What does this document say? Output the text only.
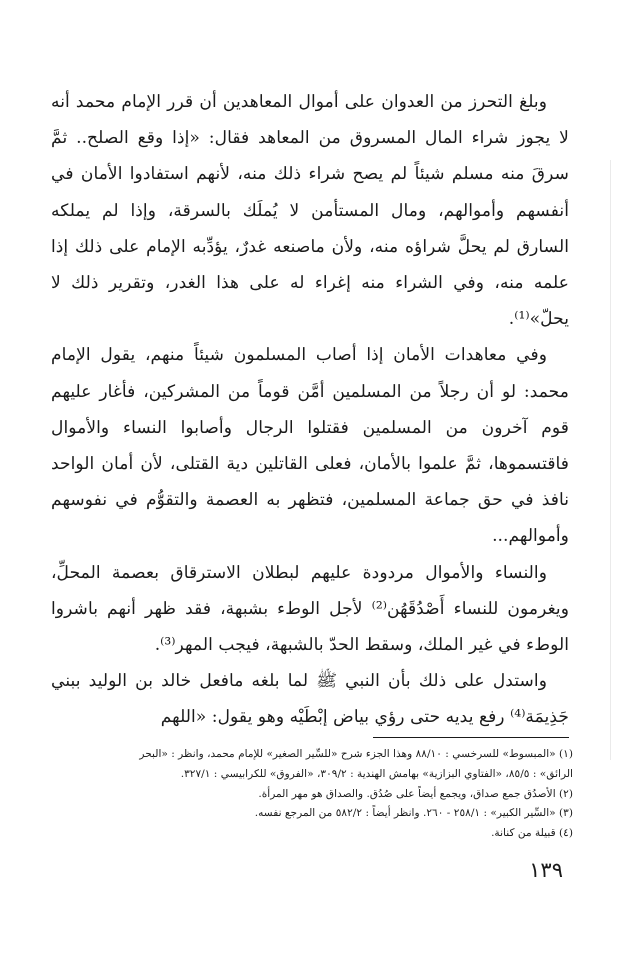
وبلغ التحرز من العدوان على أموال المعاهدين أن قرر الإمام محمد أنه لا يجوز شراء المال المسروق من المعاهد فقال: «إذا وقع الصلح.. ثمَّ سرقَ منه مسلم شيئاً لم يصح شراء ذلك منه، لأنهم استفادوا الأمان في أنفسهم وأموالهم، ومال المستأمن لا يُملَك بالسرقة، وإذا لم يملكه السارق لم يحلَّ شراؤه منه، ولأن ماصنعه غدرٌ، يؤدِّبه الإمام على ذلك إذا علمه منه، وفي الشراء منه إغراء له على هذا الغدر، وتقرير ذلك لا يحلّ»⁽¹⁾.

وفي معاهدات الأمان إذا أصاب المسلمون شيئاً منهم، يقول الإمام محمد: لو أن رجلاً من المسلمين أمَّن قوماً من المشركين، فأغار عليهم قوم آخرون من المسلمين فقتلوا الرجال وأصابوا النساء والأموال فاقتسموها، ثمَّ علموا بالأمان، فعلى القاتلين دية القتلى، لأن أمان الواحد نافذ في حق جماعة المسلمين، فتظهر به العصمة والتقوُّم في نفوسهم وأموالهم...

والنساء والأموال مردودة عليهم لبطلان الاسترقاق بعصمة المحلِّ، ويغرمون للنساء أَصْدُقَهُن⁽²⁾ لأجل الوطء بشبهة، فقد ظهر أنهم باشروا الوطء في غير الملك، وسقط الحدّ بالشبهة، فيجب المهر⁽³⁾.

واستدل على ذلك بأن النبي ﷺ لما بلغه مافعل خالد بن الوليد ببني جَذِيمَة⁽⁴⁾ رفع يديه حتى رؤي بياض إبْطَيْه وهو يقول: «اللهم

(١) «المبسوط» للسرخسي : ٨٨/١٠ وهذا الجزء شرح «للسِّير الصغير» للإمام محمد، وانظر : «البحر
الرائق» : ٨٥/٥، «الفتاوي البزازية» بهامش الهندية : ٣٠٩/٢، «الفروق» للكرابيسي : ٣٢٧/١.
(٢) الأصدُق جمع صداق، ويجمع أيضاً على صُدُق. والصداق هو مهر المرأة.
(٣) «السِّير الكبير» : ٢٥٨/١ - ٢٦٠. وانظر أيضاً : ٥٨٢/٢ من المرجع نفسه.
(٤) قبيلة من كنانة.
١٣٩
